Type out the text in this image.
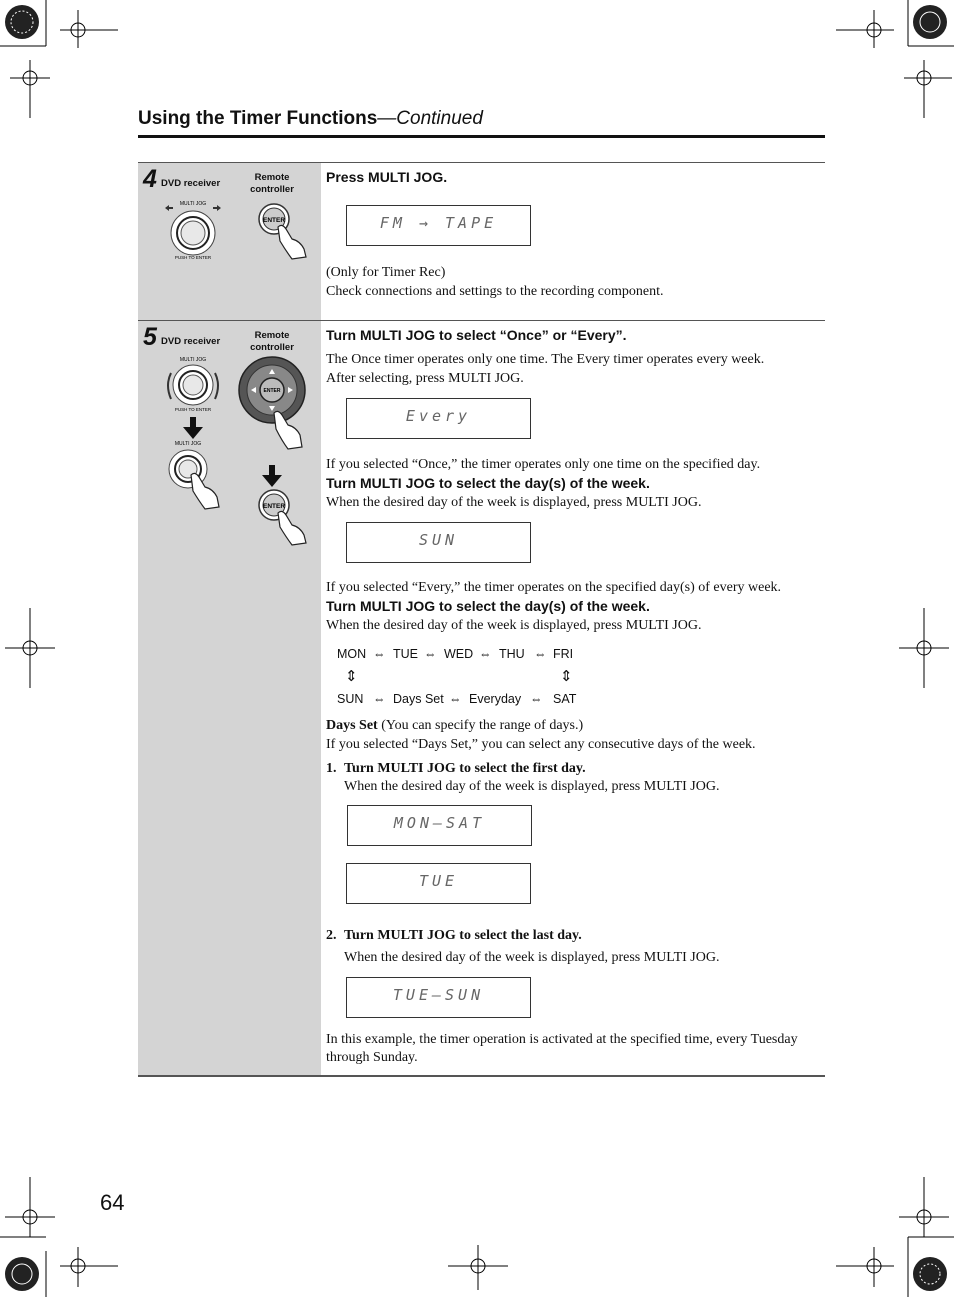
Using the Timer Functions—Continued
4 DVD receiver
Remote controller
MULTI JOG
PUSH TO ENTER
ENTER
Press MULTI JOG.
FM → TAPE
(Only for Timer Rec)
Check connections and settings to the recording component.
5 DVD receiver
Remote controller
MULTI JOG
PUSH TO ENTER
MULTI JOG
ENTER
ENTER
Turn MULTI JOG to select “Once” or “Every”.
The Once timer operates only one time. The Every timer operates every week.
After selecting, press MULTI JOG.
Every
If you selected “Once,” the timer operates only one time on the specified day.
Turn MULTI JOG to select the day(s) of the week.
When the desired day of the week is displayed, press MULTI JOG.
SUN
If you selected “Every,” the timer operates on the specified day(s) of every week.
Turn MULTI JOG to select the day(s) of the week.
When the desired day of the week is displayed, press MULTI JOG.
MON ⇔ TUE ⇔ WED ⇔ THU ⇔ FRI
⇕	⇕
SUN ⇔ Days Set ⇔ Everyday ⇔ SAT
Days Set (You can specify the range of days.)
If you selected “Days Set,” you can select any consecutive days of the week.
1. Turn MULTI JOG to select the first day.
When the desired day of the week is displayed, press MULTI JOG.
MON–SAT
TUE
2. Turn MULTI JOG to select the last day.
When the desired day of the week is displayed, press MULTI JOG.
TUE–SUN
In this example, the timer operation is activated at the specified time, every Tuesday
through Sunday.
64
